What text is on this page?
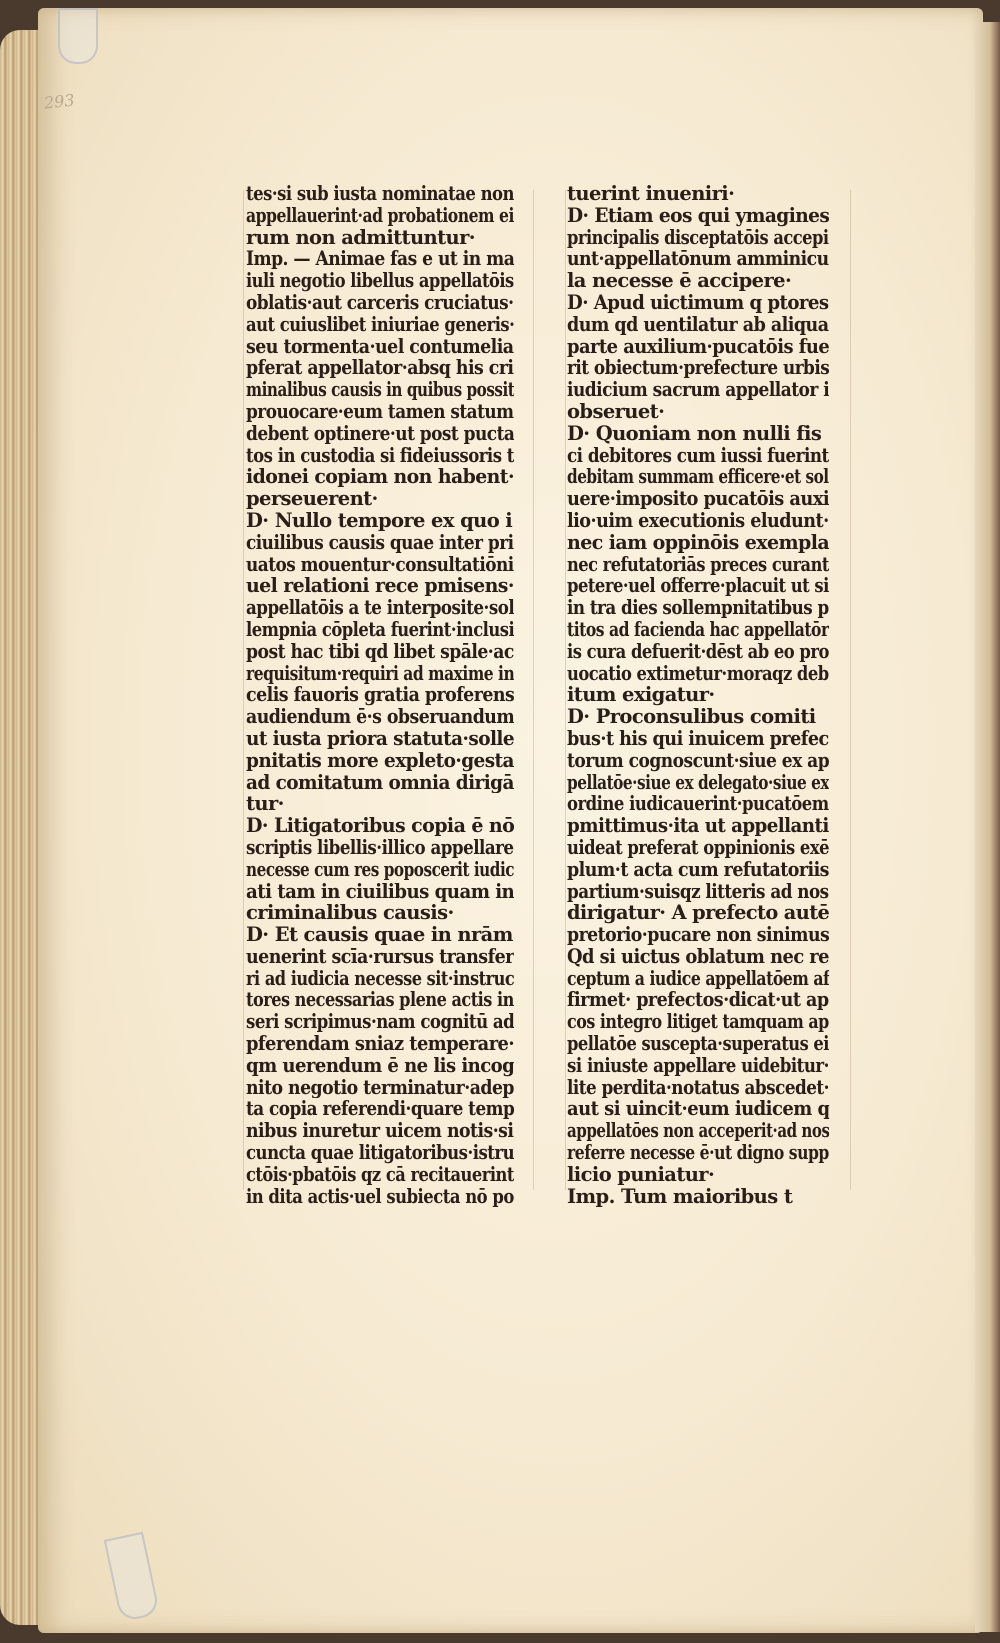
293
tes·si sub iusta nominatae non
appellauerint·ad probationem ei
rum non admittuntur·
Imp. — Animae fas e ut in ma
iuli negotio libellus appellatōis
oblatis·aut carceris cruciatus·
aut cuiuslibet iniuriae generis·
seu tormenta·uel contumelia
pferat appellator·absq his cri
minalibus causis in quibus possit
prouocare·eum tamen statum
debent optinere·ut post pucta
tos in custodia si fideiussoris t
idonei copiam non habent·
perseuerent·
D· Nullo tempore ex quo i
ciuilibus causis quae inter pri
uatos mouentur·consultatiōni
uel relationi rece pmisens·
appellatōis a te interposite·sol
lempnia cōpleta fuerint·inclusi
post hac tibi qd libet spāle·ac
requisitum·requiri ad maxime in
celis fauoris gratia proferens
audiendum ē·s obseruandum
ut iusta priora statuta·solle
pnitatis more expleto·gesta
ad comitatum omnia dirigā
tur·
D· Litigatoribus copia ē nō
scriptis libellis·illico appellare
necesse cum res poposcerit iudic
ati tam in ciuilibus quam in
criminalibus causis·
D· Et causis quae in nrām
uenerint scīa·rursus transfer
ri ad iudicia necesse sit·instruc
tores necessarias plene actis in
seri scripimus·nam cognitū ad
pferendam sniaz temperare·
qm uerendum ē ne lis incog
nito negotio terminatur·adep
ta copia referendi·quare temp
nibus inuretur uicem notis·si
cuncta quae litigatoribus·istru
ctōis·pbatōis qz cā recitauerint
in dita actis·uel subiecta nō po
tuerint inueniri·
D· Etiam eos qui ymagines
principalis disceptatōis accepi
unt·appellatōnum amminicu
la necesse ē accipere·
D· Apud uictimum q ptores
dum qd uentilatur ab aliqua
parte auxilium·pucatōis fue
rit obiectum·prefecture urbis
iudicium sacrum appellator i
obseruet·
D· Quoniam non nulli fis
ci debitores cum iussi fuerint
debitam summam efficere·et sol
uere·imposito pucatōis auxi
lio·uim executionis eludunt·
nec iam oppinōis exempla
nec refutatoriās preces curant
petere·uel offerre·placuit ut si
in tra dies sollempnitatibus p
titos ad facienda hac appellatōr
is cura defuerit·dēst ab eo pro
uocatio extimetur·moraqz deb
itum exigatur·
D· Proconsulibus comiti
bus·t his qui inuicem prefec
torum cognoscunt·siue ex ap
pellatōe·siue ex delegato·siue ex
ordine iudicauerint·pucatōem
pmittimus·ita ut appellanti
uideat preferat oppinionis exē
plum·t acta cum refutatoriis
partium·suisqz litteris ad nos
dirigatur· A prefecto autē
pretorio·pucare non sinimus
Qd si uictus oblatum nec re
ceptum a iudice appellatōem af
firmet· prefectos·dicat·ut ap
cos integro litiget tamquam ap
pellatōe suscepta·superatus ei
si iniuste appellare uidebitur·
lite perdita·notatus abscedet·
aut si uincit·eum iudicem q
appellatōes non acceperit·ad nos
referre necesse ē·ut digno supp
licio puniatur·
Imp. Tum maioribus t
